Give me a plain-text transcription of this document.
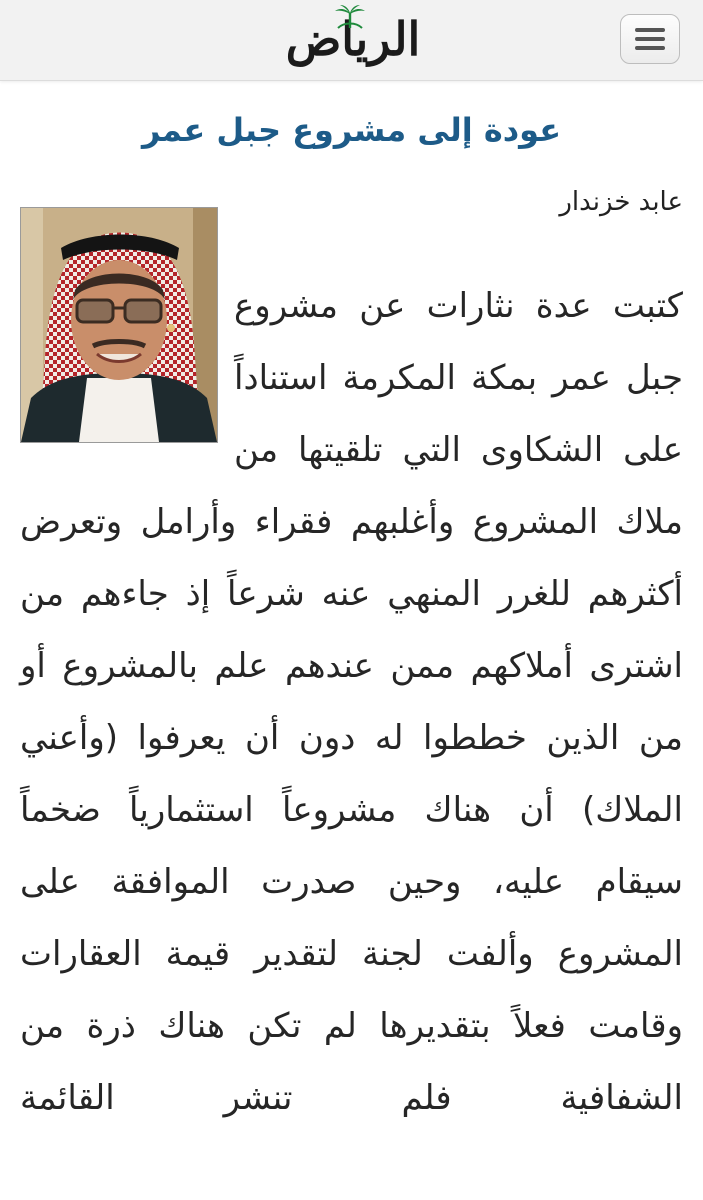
الرياض
عودة إلى مشروع جبل عمر
عابد خزندار

كتبت عدة نثارات عن مشروع جبل عمر بمكة المكرمة استناداً على الشكاوى التي تلقيتها من ملاك المشروع وأغلبهم فقراء وأرامل وتعرض أكثرهم للغرر المنهي عنه شرعاً إذ جاءهم من اشترى أملاكهم ممن عندهم علم بالمشروع أو من الذين خططوا له دون أن يعرفوا (وأعني الملاك) أن هناك مشروعاً استثمارياً ضخماً سيقام عليه، وحين صدرت الموافقة على المشروع وألفت لجنة لتقدير قيمة العقارات وقامت فعلاً بتقديرها لم تكن هناك ذرة من الشفافية فلم تنشر القائمة
